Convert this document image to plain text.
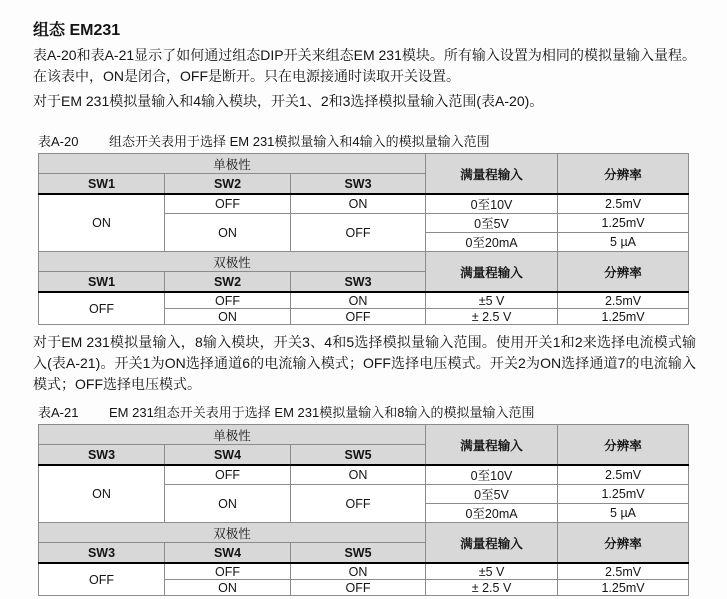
组态 EM231

表A-20和表A-21显示了如何通过组态DIP开关来组态EM 231模块。所有输入设置为相同的模拟量输入量程。在该表中，ON是闭合，OFF是断开。只在电源接通时读取开关设置。

对于EM 231模拟量输入和4输入模块，开关1、2和3选择模拟量输入范围(表A-20)。

表A-20	组态开关表用于选择 EM 231模拟量输入和4输入的模拟量输入范围
单极性			满量程输入	分辨率
SW1	SW2	SW3		
ON	OFF	ON	0至10V	2.5mV
	ON	OFF	0至5V	1.25mV
			0至20mA	5 µA
双极性			满量程输入	分辨率
SW1	SW2	SW3		
OFF	OFF	ON	±5 V	2.5mV
	ON	OFF	± 2.5 V	1.25mV

对于EM 231模拟量输入，8输入模块，开关3、4和5选择模拟量输入范围。使用开关1和2来选择电流模式输入(表A-21)。开关1为ON选择通道6的电流输入模式；OFF选择电压模式。开关2为ON选择通道7的电流输入模式；OFF选择电压模式。

表A-21	EM 231组态开关表用于选择 EM 231模拟量输入和8输入的模拟量输入范围
单极性			满量程输入	分辨率
SW3	SW4	SW5		
ON	OFF	ON	0至10V	2.5mV
	ON	OFF	0至5V	1.25mV
			0至20mA	5 µA
双极性			满量程输入	分辨率
SW3	SW4	SW5		
OFF	OFF	ON	±5 V	2.5mV
	ON	OFF	± 2.5 V	1.25mV
